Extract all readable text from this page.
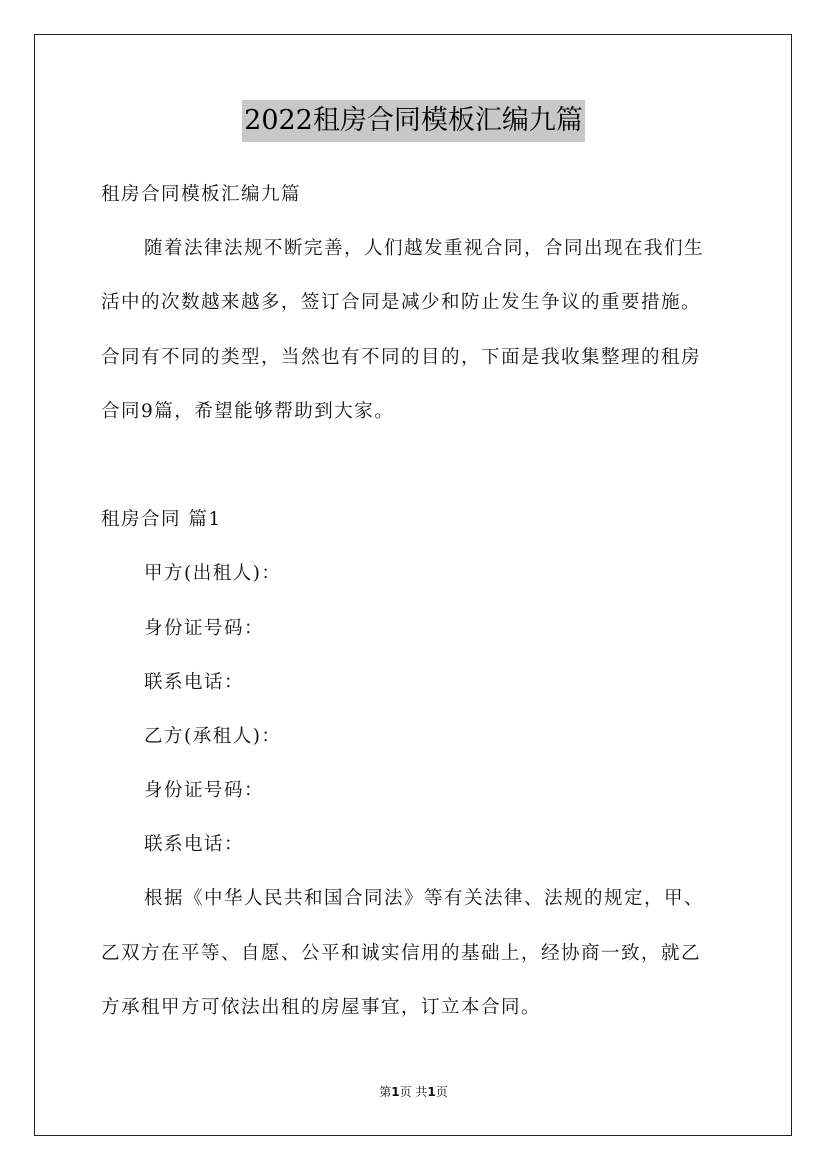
2022租房合同模板汇编九篇
租房合同模板汇编九篇
随着法律法规不断完善，人们越发重视合同，合同出现在我们生
活中的次数越来越多，签订合同是减少和防止发生争议的重要措施。
合同有不同的类型，当然也有不同的目的，下面是我收集整理的租房
合同9篇，希望能够帮助到大家。
租房合同 篇1
甲方(出租人)：
身份证号码：
联系电话：
乙方(承租人)：
身份证号码：
联系电话：
根据《中华人民共和国合同法》等有关法律、法规的规定，甲、
乙双方在平等、自愿、公平和诚实信用的基础上，经协商一致，就乙
方承租甲方可依法出租的房屋事宜，订立本合同。
第1页 共1页
